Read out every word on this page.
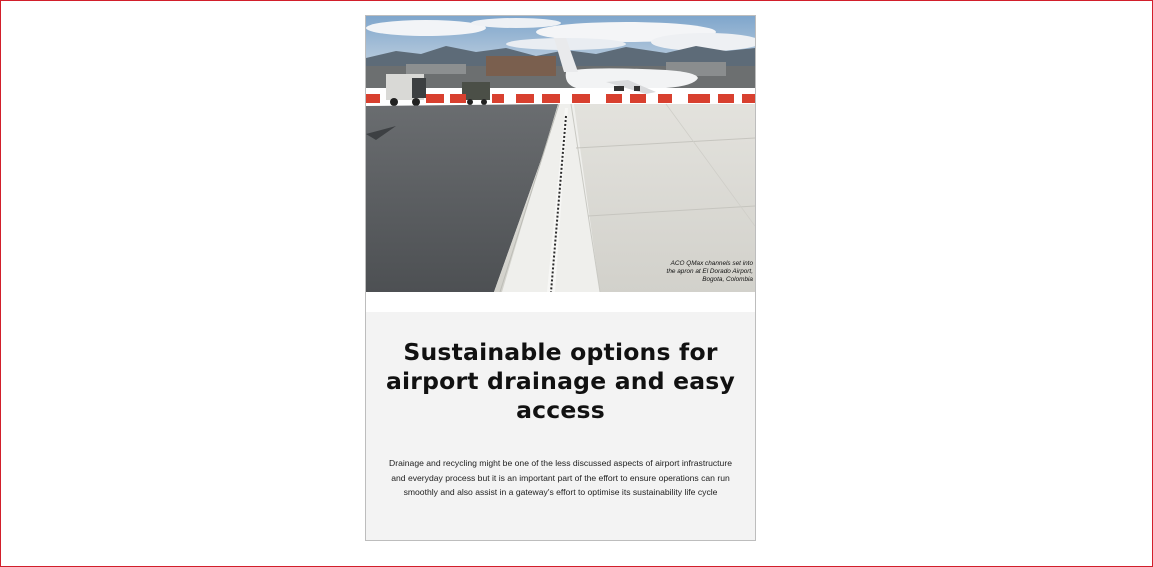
ACO QMax channels set into the apron at El Dorado Airport, Bogota, Colombia
Sustainable options for airport drainage and easy access

Drainage and recycling might be one of the less discussed aspects of airport infrastructure and everyday process but it is an important part of the effort to ensure operations can run smoothly and also assist in a gateway's effort to optimise its sustainability life cycle
